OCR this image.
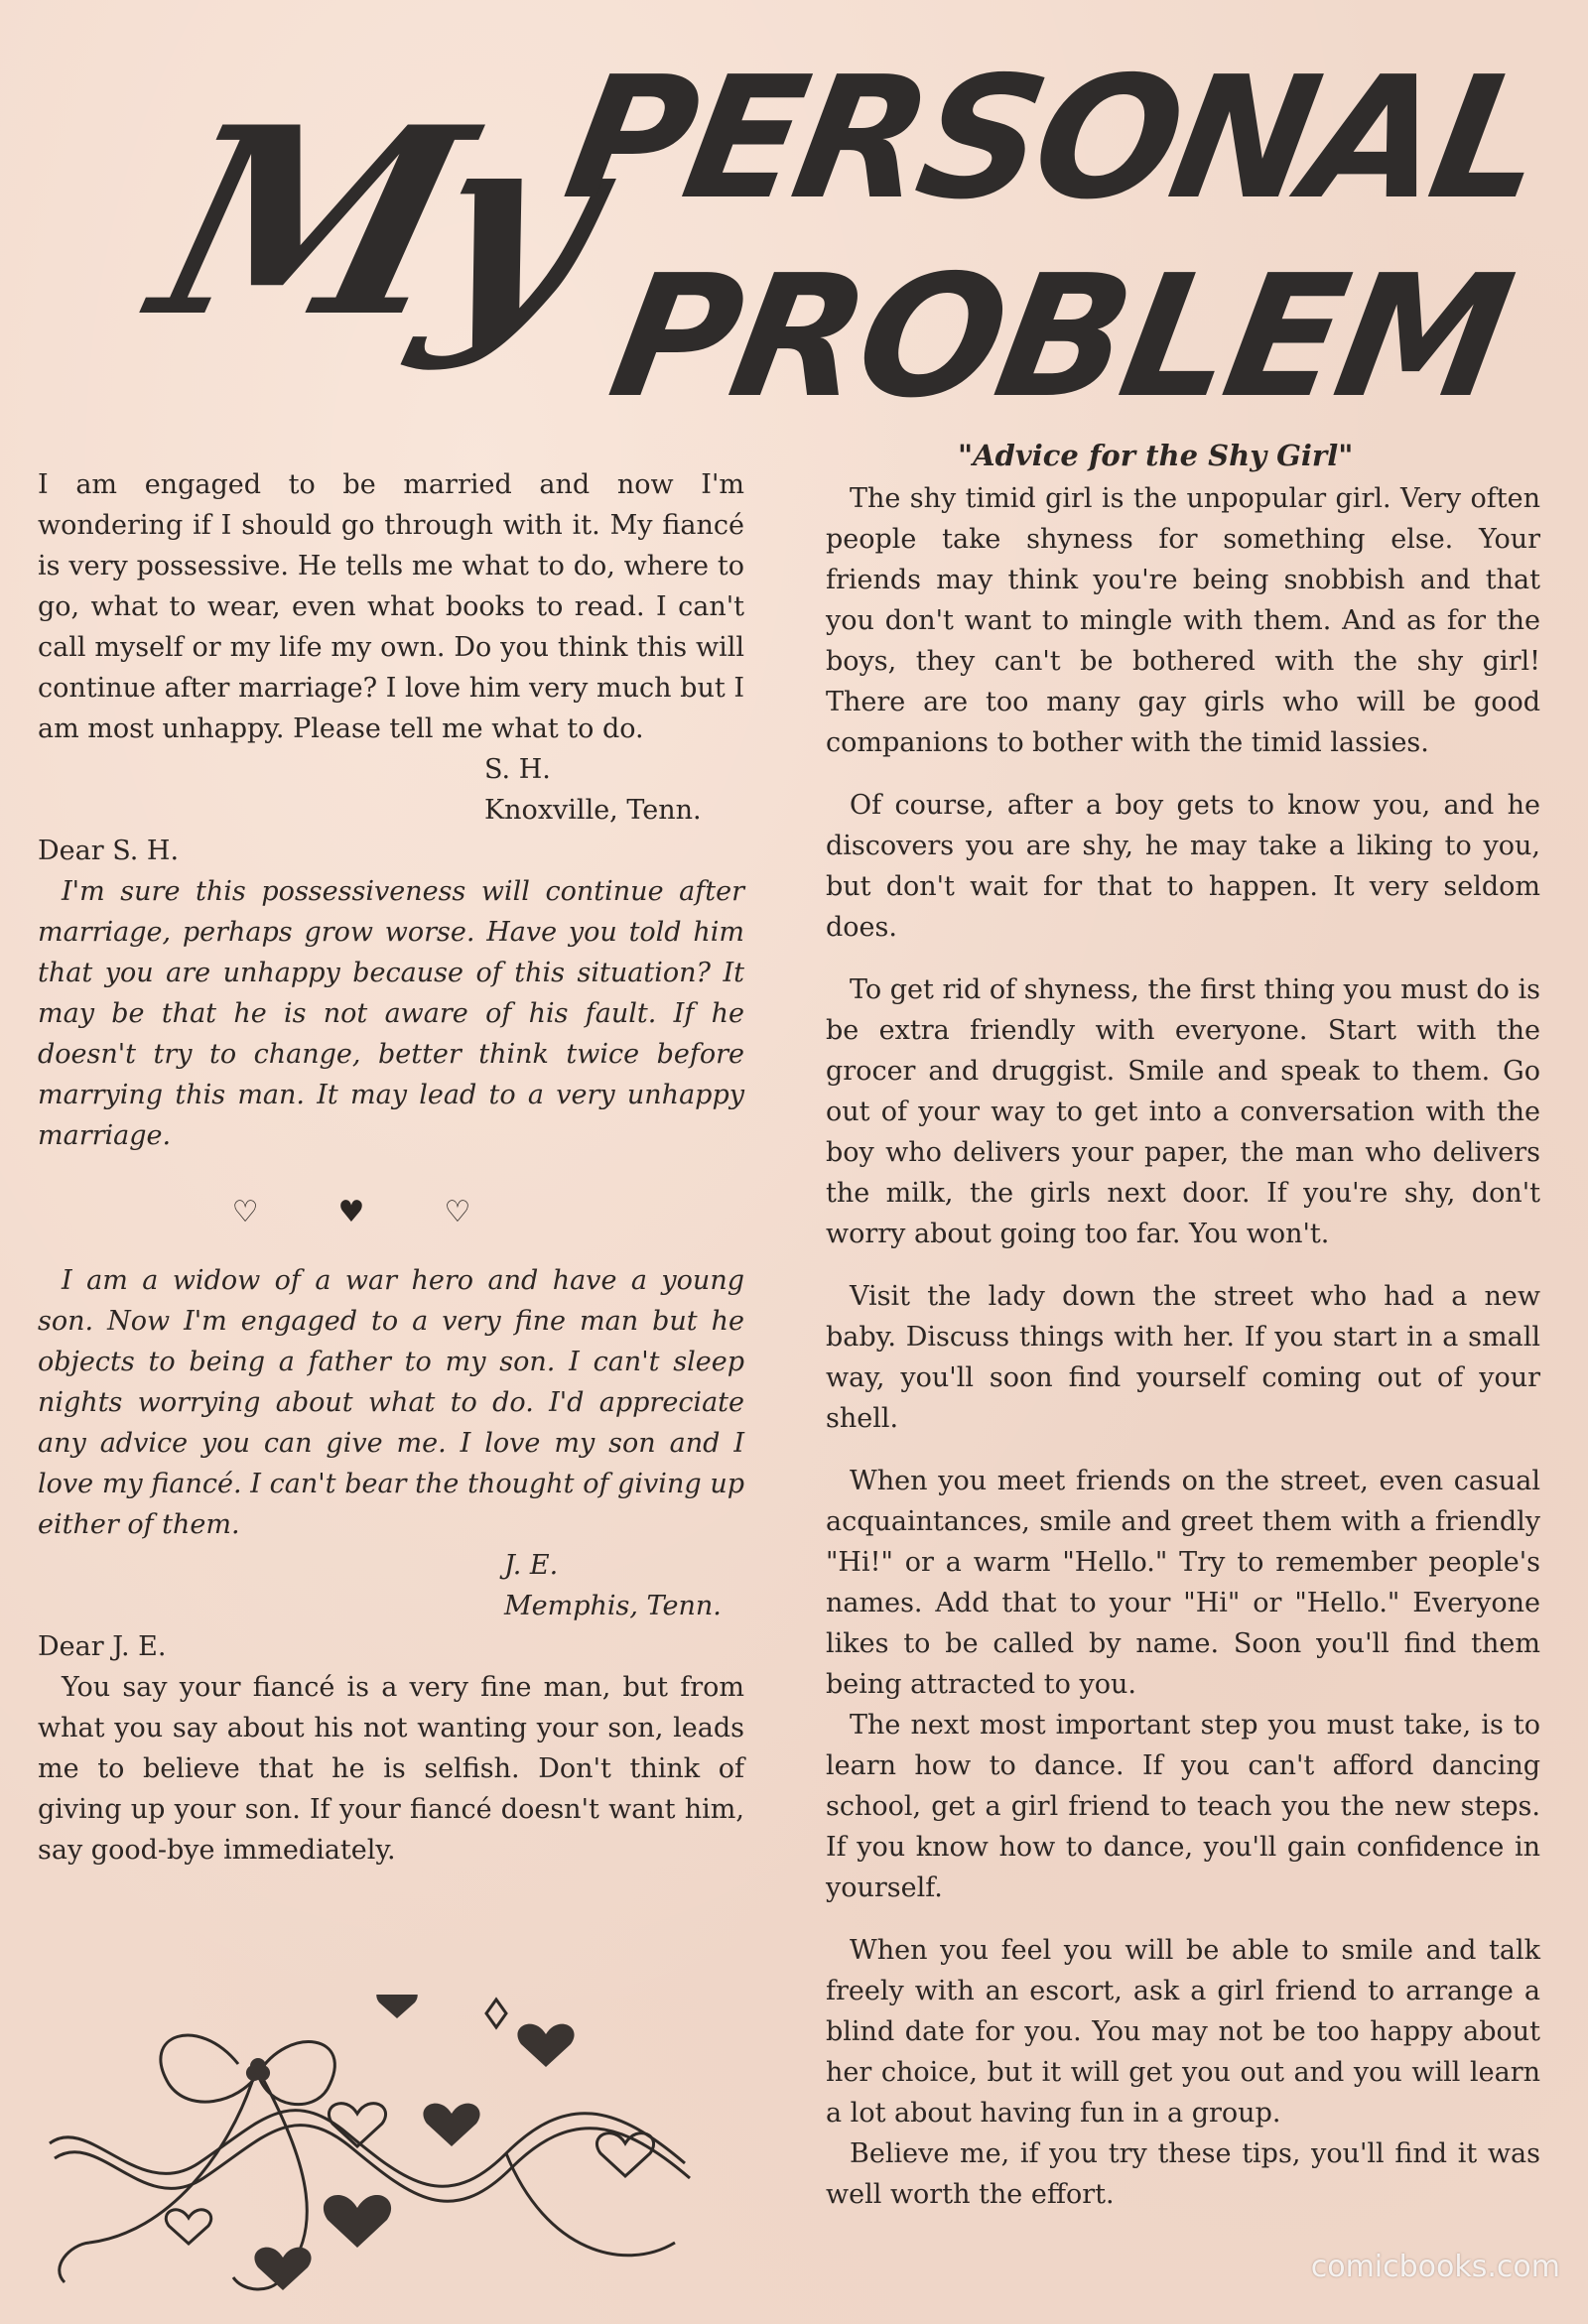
My
PERSONAL
PROBLEM

I am engaged to be married and now I'm wondering if I should go through with it. My fiancé is very possessive. He tells me what to do, where to go, what to wear, even what books to read. I can't call myself or my life my own. Do you think this will continue after marriage? I love him very much but I am most unhappy. Please tell me what to do.

S. H.
Knoxville, Tenn.

Dear S. H.

I'm sure this possessiveness will continue after marriage, perhaps grow worse. Have you told him that you are unhappy because of this situation? It may be that he is not aware of his fault. If he doesn't try to change, better think twice before marrying this man. It may lead to a very unhappy marriage.

♡♥♡

I am a widow of a war hero and have a young son. Now I'm engaged to a very fine man but he objects to being a father to my son. I can't sleep nights worrying about what to do. I'd appreciate any advice you can give me. I love my son and I love my fiancé. I can't bear the thought of giving up either of them.

J. E.
Memphis, Tenn.

Dear J. E.

You say your fiancé is a very fine man, but from what you say about his not wanting your son, leads me to believe that he is selfish. Don't think of giving up your son. If your fiancé doesn't want him, say good-bye immediately.

"Advice for the Shy Girl"

The shy timid girl is the unpopular girl. Very often people take shyness for something else. Your friends may think you're being snobbish and that you don't want to mingle with them. And as for the boys, they can't be bothered with the shy girl! There are too many gay girls who will be good companions to bother with the timid lassies.

Of course, after a boy gets to know you, and he discovers you are shy, he may take a liking to you, but don't wait for that to happen. It very seldom does.

To get rid of shyness, the first thing you must do is be extra friendly with everyone. Start with the grocer and druggist. Smile and speak to them. Go out of your way to get into a conversation with the boy who delivers your paper, the man who delivers the milk, the girls next door. If you're shy, don't worry about going too far. You won't.

Visit the lady down the street who had a new baby. Discuss things with her. If you start in a small way, you'll soon find yourself coming out of your shell.

When you meet friends on the street, even casual acquaintances, smile and greet them with a friendly "Hi!" or a warm "Hello." Try to remember people's names. Add that to your "Hi" or "Hello." Everyone likes to be called by name. Soon you'll find them being attracted to you.

The next most important step you must take, is to learn how to dance. If you can't afford dancing school, get a girl friend to teach you the new steps. If you know how to dance, you'll gain confidence in yourself.

When you feel you will be able to smile and talk freely with an escort, ask a girl friend to arrange a blind date for you. You may not be too happy about her choice, but it will get you out and you will learn a lot about having fun in a group.

Believe me, if you try these tips, you'll find it was well worth the effort.

comicbooks.com
